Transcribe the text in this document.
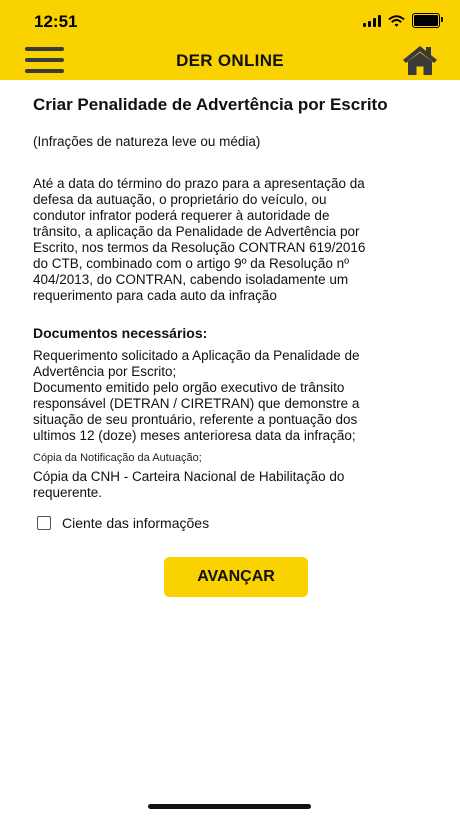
12:51
DER ONLINE
Criar Penalidade de Advertência por Escrito

(Infrações de natureza leve ou média)

Até a data do término do prazo para a apresentação da

defesa da autuação, o proprietário do veículo, ou

condutor infrator poderá requerer à autoridade de

trânsito, a aplicação da Penalidade de Advertência por

Escrito, nos termos da Resolução CONTRAN 619/2016

do CTB, combinado com o artigo 9º da Resolução nº

404/2013, do CONTRAN, cabendo isoladamente um

requerimento para cada auto da infração

Documentos necessários:

Requerimento solicitado a Aplicação da Penalidade de

Advertência por Escrito;

Documento emitido pelo orgão executivo de trânsito

responsável (DETRAN / CIRETRAN) que demonstre a

situação de seu prontuário, referente a pontuação dos

ultimos 12 (doze) meses anterioresa data da infração;

Cópia da Notificação da Autuação;

Cópia da CNH - Carteira Nacional de Habilitação do

requerente.

Ciente das informações
AVANÇAR
